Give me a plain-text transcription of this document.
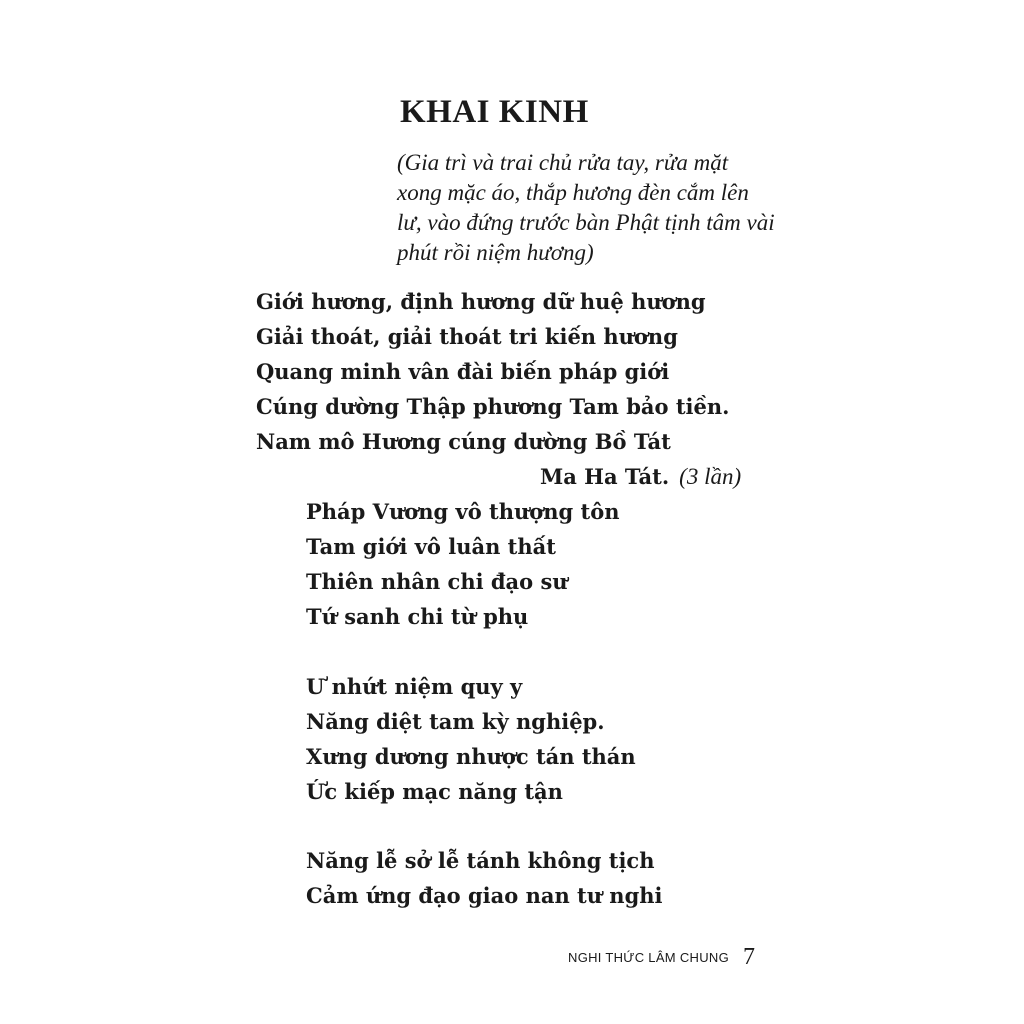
KHAI KINH

(Gia trì và trai chủ rửa tay, rửa mặt xong mặc áo, thắp hương đèn cắm lên lư, vào đứng trước bàn Phật tịnh tâm vài phút rồi niệm hương)

Giới hương, định hương dữ huệ hương
Giải thoát, giải thoát tri kiến hương
Quang minh vân đài biến pháp giới
Cúng dường Thập phương Tam bảo tiền.
Nam mô Hương cúng dường Bồ Tát
Ma Ha Tát. (3 lần)
Pháp Vương vô thượng tôn
Tam giới vô luân thất
Thiên nhân chi đạo sư
Tứ sanh chi từ phụ
Ư nhứt niệm quy y
Năng diệt tam kỳ nghiệp.
Xưng dương nhược tán thán
Ức kiếp mạc năng tận
Năng lễ sở lễ tánh không tịch
Cảm ứng đạo giao nan tư nghi
NGHI THỨC LÂM CHUNG 7
